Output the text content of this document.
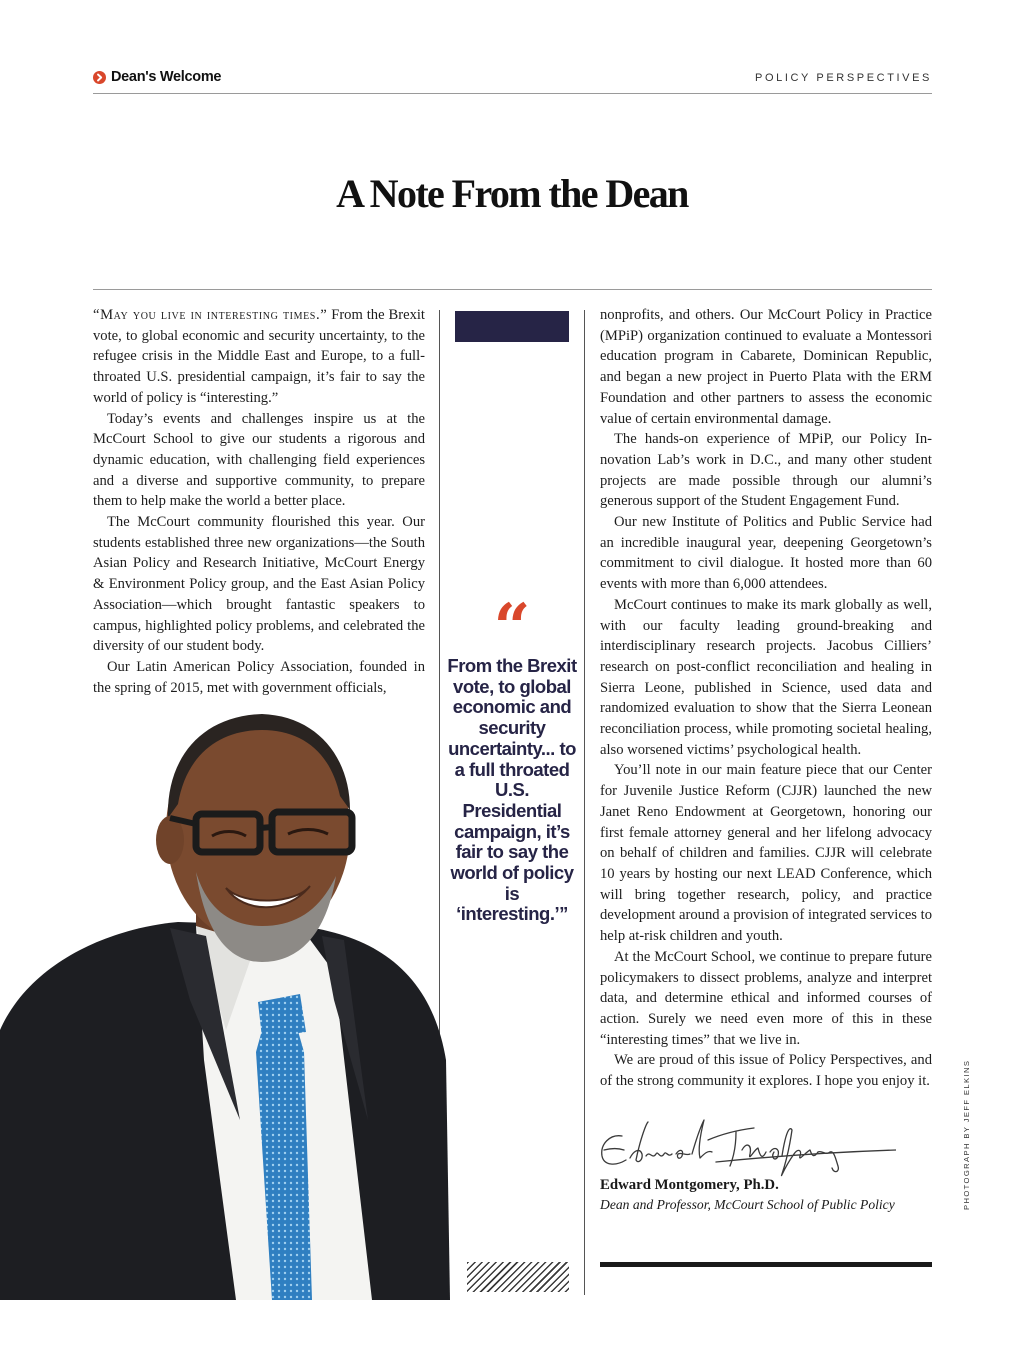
Dean's Welcome	POLICY PERSPECTIVES
A Note From the Dean

“May you live in interesting times.” From the Brexit vote, to global economic and security uncertainty, to the refugee crisis in the Middle East and Europe, to a full-throated U.S. presidential campaign, it’s fair to say the world of policy is “interesting.”

Today’s events and challenges inspire us at the McCourt School to give our students a rigorous and dynamic education, with challenging field experiences and a diverse and supportive community, to prepare them to help make the world a better place.

The McCourt community flourished this year. Our students established three new organizations—the South Asian Policy and Research Initiative, McCourt Energy & Environment Policy group, and the East Asian Policy Association—which brought fantastic speakers to campus, highlighted policy problems, and celebrated the diversity of our student body.

Our Latin American Policy Association, founded in the spring of 2015, met with government officials,

“
From the Brexit vote, to global economic and security uncertainty... to a full throated U.S. Presidential campaign, it’s fair to say the world of policy is ‘interesting.’”

nonprofits, and others. Our McCourt Policy in Practice (MPiP) organization continued to evaluate a Montessori education program in Cabarete, Dominican Republic, and began a new project in Puerto Plata with the ERM Foundation and other partners to assess the economic value of certain environmental damage.

The hands-on experience of MPiP, our Policy Innovation Lab’s work in D.C., and many other student projects are made possible through our alumni’s generous support of the Student Engagement Fund.

Our new Institute of Politics and Public Service had an incredible inaugural year, deepening Georgetown’s commitment to civil dialogue. It hosted more than 60 events with more than 6,000 attendees.

McCourt continues to make its mark globally as well, with our faculty leading ground-breaking and interdisciplinary research projects. Jacobus Cilliers’ research on post-conflict reconciliation and healing in Sierra Leone, published in Science, used data and randomized evaluation to show that the Sierra Leonean reconciliation process, while promoting societal healing, also worsened victims’ psychological health.

You’ll note in our main feature piece that our Center for Juvenile Justice Reform (CJJR) launched the new Janet Reno Endowment at Georgetown, honoring our first female attorney general and her lifelong advocacy on behalf of children and families. CJJR will celebrate 10 years by hosting our next LEAD Conference, which will bring together research, policy, and practice development around a provision of integrated services to help at-risk children and youth.

At the McCourt School, we continue to prepare future policymakers to dissect problems, analyze and interpret data, and determine ethical and informed courses of action. Surely we need even more of this in these “interesting times” that we live in.

We are proud of this issue of Policy Perspectives, and of the strong community it explores. I hope you enjoy it.

Edward Montgomery, Ph.D.
Dean and Professor, McCourt School of Public Policy	PHOTOGRAPH BY JEFF ELKINS
